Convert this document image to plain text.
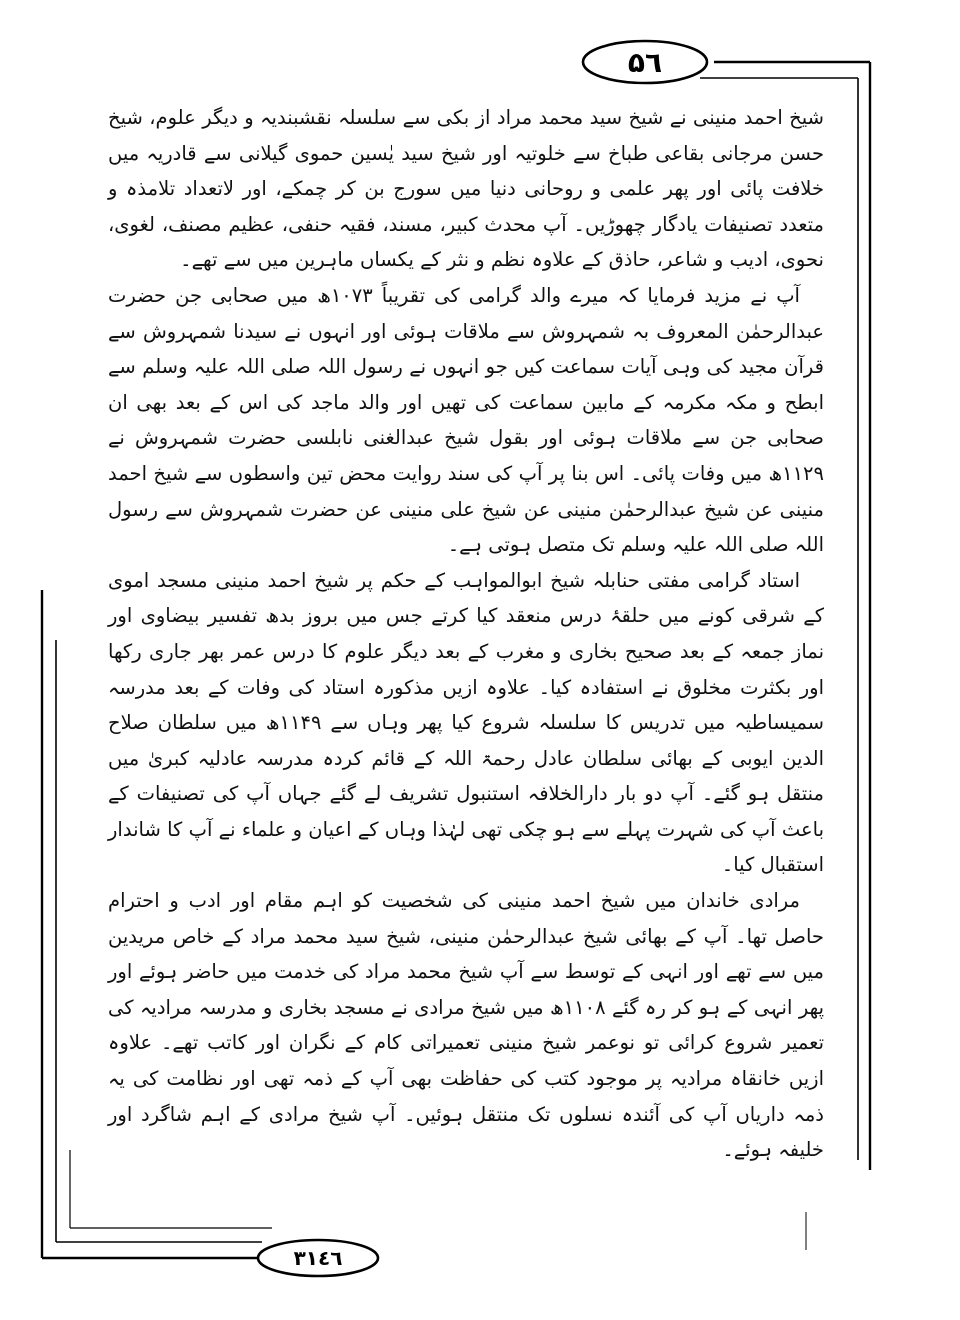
۵٦

شیخ احمد منینی نے شیخ سید محمد مراد از بکی سے سلسلہ نقشبندیہ و دیگر علوم، شیخ حسن مرجانی بقاعی طباخ سے خلوتیہ اور شیخ سید یٰسین حموی گیلانی سے قادریہ میں خلافت پائی اور پھر علمی و روحانی دنیا میں سورج بن کر چمکے، اور لاتعداد تلامذہ و متعدد تصنیفات یادگار چھوڑیں۔ آپ محدث کبیر، مسند، فقیہ حنفی، عظیم مصنف، لغوی، نحوی، ادیب و شاعر، حاذق کے علاوہ نظم و نثر کے یکساں ماہرین میں سے تھے۔

آپ نے مزید فرمایا کہ میرے والد گرامی کی تقریباً ۱۰۷۳ھ میں صحابی جن حضرت عبدالرحمٰن المعروف بہ شمہروش سے ملاقات ہوئی اور انہوں نے سیدنا شمہروش سے قرآن مجید کی وہی آیات سماعت کیں جو انہوں نے رسول اللہ صلی اللہ علیہ وسلم سے ابطح و مکہ مکرمہ کے مابین سماعت کی تھیں اور والد ماجد کی اس کے بعد بھی ان صحابی جن سے ملاقات ہوئی اور بقول شیخ عبدالغنی نابلسی حضرت شمہروش نے ۱۱۲۹ھ میں وفات پائی۔ اس بنا پر آپ کی سند روایت محض تین واسطوں سے شیخ احمد منینی عن شیخ عبدالرحمٰن منینی عن شیخ علی منینی عن حضرت شمہروش سے رسول اللہ صلی اللہ علیہ وسلم تک متصل ہوتی ہے۔

استاد گرامی مفتی حنابلہ شیخ ابوالمواہب کے حکم پر شیخ احمد منینی مسجد اموی کے شرقی کونے میں حلقۂ درس منعقد کیا کرتے جس میں بروز بدھ تفسیر بیضاوی اور نماز جمعہ کے بعد صحیح بخاری و مغرب کے بعد دیگر علوم کا درس عمر بھر جاری رکھا اور بکثرت مخلوق نے استفادہ کیا۔ علاوہ ازیں مذکورہ استاد کی وفات کے بعد مدرسہ سمیساطیہ میں تدریس کا سلسلہ شروع کیا پھر وہاں سے ۱۱۴۹ھ میں سلطان صلاح الدین ایوبی کے بھائی سلطان عادل رحمۃ اللہ کے قائم کردہ مدرسہ عادلیہ کبریٰ میں منتقل ہو گئے۔ آپ دو بار دارالخلافہ استنبول تشریف لے گئے جہاں آپ کی تصنیفات کے باعث آپ کی شہرت پہلے سے ہو چکی تھی لہٰذا وہاں کے اعیان و علماء نے آپ کا شاندار استقبال کیا۔

مرادی خاندان میں شیخ احمد منینی کی شخصیت کو اہم مقام اور ادب و احترام حاصل تھا۔ آپ کے بھائی شیخ عبدالرحمٰن منینی، شیخ سید محمد مراد کے خاص مریدین میں سے تھے اور انہی کے توسط سے آپ شیخ محمد مراد کی خدمت میں حاضر ہوئے اور پھر انہی کے ہو کر رہ گئے ۱۱۰۸ھ میں شیخ مرادی نے مسجد بخاری و مدرسہ مرادیہ کی تعمیر شروع کرائی تو نوعمر شیخ منینی تعمیراتی کام کے نگران اور کاتب تھے۔ علاوہ ازیں خانقاہ مرادیہ پر موجود کتب کی حفاظت بھی آپ کے ذمہ تھی اور نظامت کی یہ ذمہ داریاں آپ کی آئندہ نسلوں تک منتقل ہوئیں۔ آپ شیخ مرادی کے اہم شاگرد اور خلیفہ ہوئے۔

٣١٤٦
